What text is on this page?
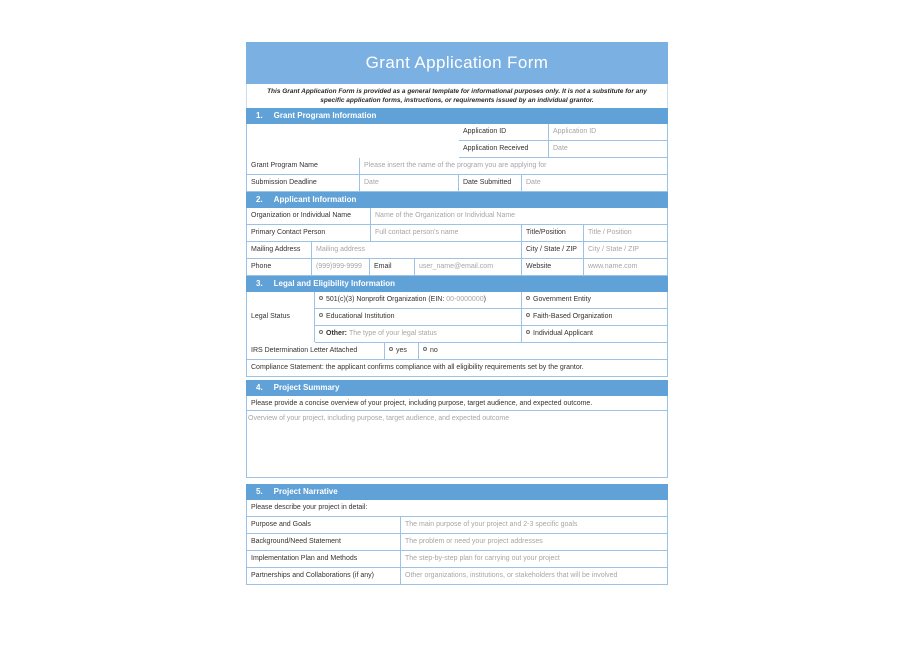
Grant Application Form
This Grant Application Form is provided as a general template for informational purposes only. It is not a substitute for any specific application forms, instructions, or requirements issued by an individual grantor.
1. Grant Program Information
Application ID	Application ID
Application Received	Date
Grant Program Name	Please insert the name of the program you are applying for
Submission Deadline	Date	Date Submitted	Date
2. Applicant Information
Organization or Individual Name	Name of the Organization or Individual Name
Primary Contact Person	Full contact person's name	Title/Position	Title / Position
Mailing Address	Mailing address	City / State / ZIP	City / State / ZIP
Phone	(999)999-9999	Email	user_name@email.com	Website	www.name.com
3. Legal and Eligibility Information
Legal Status
501(c)(3) Nonprofit Organization (EIN: 00-0000000)	Government Entity
Educational Institution	Faith-Based Organization
Other: The type of your legal status	Individual Applicant
IRS Determination Letter Attached	yes	no
Compliance Statement: the applicant confirms compliance with all eligibility requirements set by the grantor.
4. Project Summary
Please provide a concise overview of your project, including purpose, target audience, and expected outcome.
Overview of your project, including purpose, target audience, and expected outcome
5. Project Narrative
Please describe your project in detail:
Purpose and Goals	The main purpose of your project and 2-3 specific goals
Background/Need Statement	The problem or need your project addresses
Implementation Plan and Methods	The step-by-step plan for carrying out your project
Partnerships and Collaborations (if any)	Other organizations, institutions, or stakeholders that will be involved
